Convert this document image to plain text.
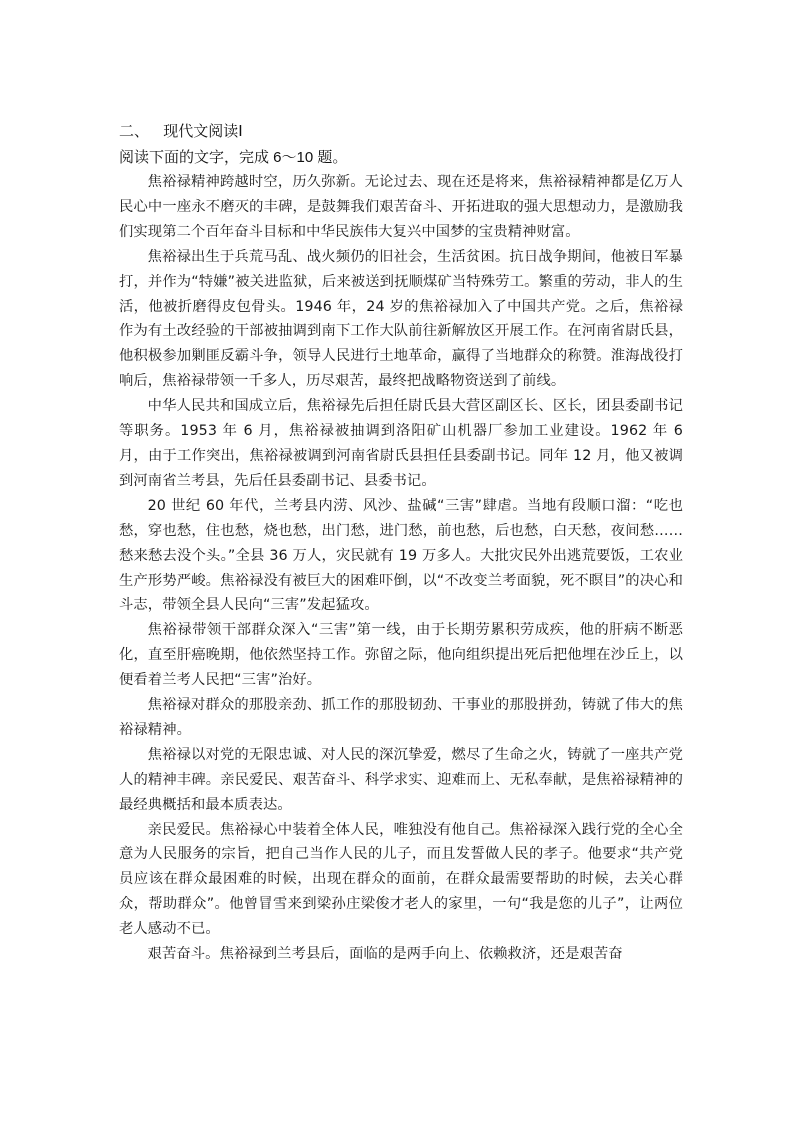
二、 现代文阅读Ⅰ

阅读下面的文字，完成 6～10 题。

焦裕禄精神跨越时空，历久弥新。无论过去、现在还是将来，焦裕禄精神都是亿万人民心中一座永不磨灭的丰碑，是鼓舞我们艰苦奋斗、开拓进取的强大思想动力，是激励我们实现第二个百年奋斗目标和中华民族伟大复兴中国梦的宝贵精神财富。

焦裕禄出生于兵荒马乱、战火频仍的旧社会，生活贫困。抗日战争期间，他被日军暴打，并作为“特嫌”被关进监狱，后来被送到抚顺煤矿当特殊劳工。繁重的劳动，非人的生活，他被折磨得皮包骨头。1946 年，24 岁的焦裕禄加入了中国共产党。之后，焦裕禄作为有土改经验的干部被抽调到南下工作大队前往新解放区开展工作。在河南省尉氏县，他积极参加剿匪反霸斗争，领导人民进行土地革命，赢得了当地群众的称赞。淮海战役打响后，焦裕禄带领一千多人，历尽艰苦，最终把战略物资送到了前线。

中华人民共和国成立后，焦裕禄先后担任尉氏县大营区副区长、区长，团县委副书记等职务。1953 年 6 月，焦裕禄被抽调到洛阳矿山机器厂参加工业建设。1962 年 6 月，由于工作突出，焦裕禄被调到河南省尉氏县担任县委副书记。同年 12 月，他又被调到河南省兰考县，先后任县委副书记、县委书记。

20 世纪 60 年代，兰考县内涝、风沙、盐碱“三害”肆虐。当地有段顺口溜：“吃也愁，穿也愁，住也愁，烧也愁，出门愁，进门愁，前也愁，后也愁，白天愁，夜间愁……愁来愁去没个头。”全县 36 万人，灾民就有 19 万多人。大批灾民外出逃荒要饭，工农业生产形势严峻。焦裕禄没有被巨大的困难吓倒，以“不改变兰考面貌，死不瞑目”的决心和斗志，带领全县人民向“三害”发起猛攻。

焦裕禄带领干部群众深入“三害”第一线，由于长期劳累积劳成疾，他的肝病不断恶化，直至肝癌晚期，他依然坚持工作。弥留之际，他向组织提出死后把他埋在沙丘上，以便看着兰考人民把“三害”治好。

焦裕禄对群众的那股亲劲、抓工作的那股韧劲、干事业的那股拼劲，铸就了伟大的焦裕禄精神。

焦裕禄以对党的无限忠诚、对人民的深沉挚爱，燃尽了生命之火，铸就了一座共产党人的精神丰碑。亲民爱民、艰苦奋斗、科学求实、迎难而上、无私奉献，是焦裕禄精神的最经典概括和最本质表达。

亲民爱民。焦裕禄心中装着全体人民，唯独没有他自己。焦裕禄深入践行党的全心全意为人民服务的宗旨，把自己当作人民的儿子，而且发誓做人民的孝子。他要求“共产党员应该在群众最困难的时候，出现在群众的面前，在群众最需要帮助的时候，去关心群众，帮助群众”。他曾冒雪来到梁孙庄梁俊才老人的家里，一句“我是您的儿子”，让两位老人感动不已。

艰苦奋斗。焦裕禄到兰考县后，面临的是两手向上、依赖救济，还是艰苦奋
